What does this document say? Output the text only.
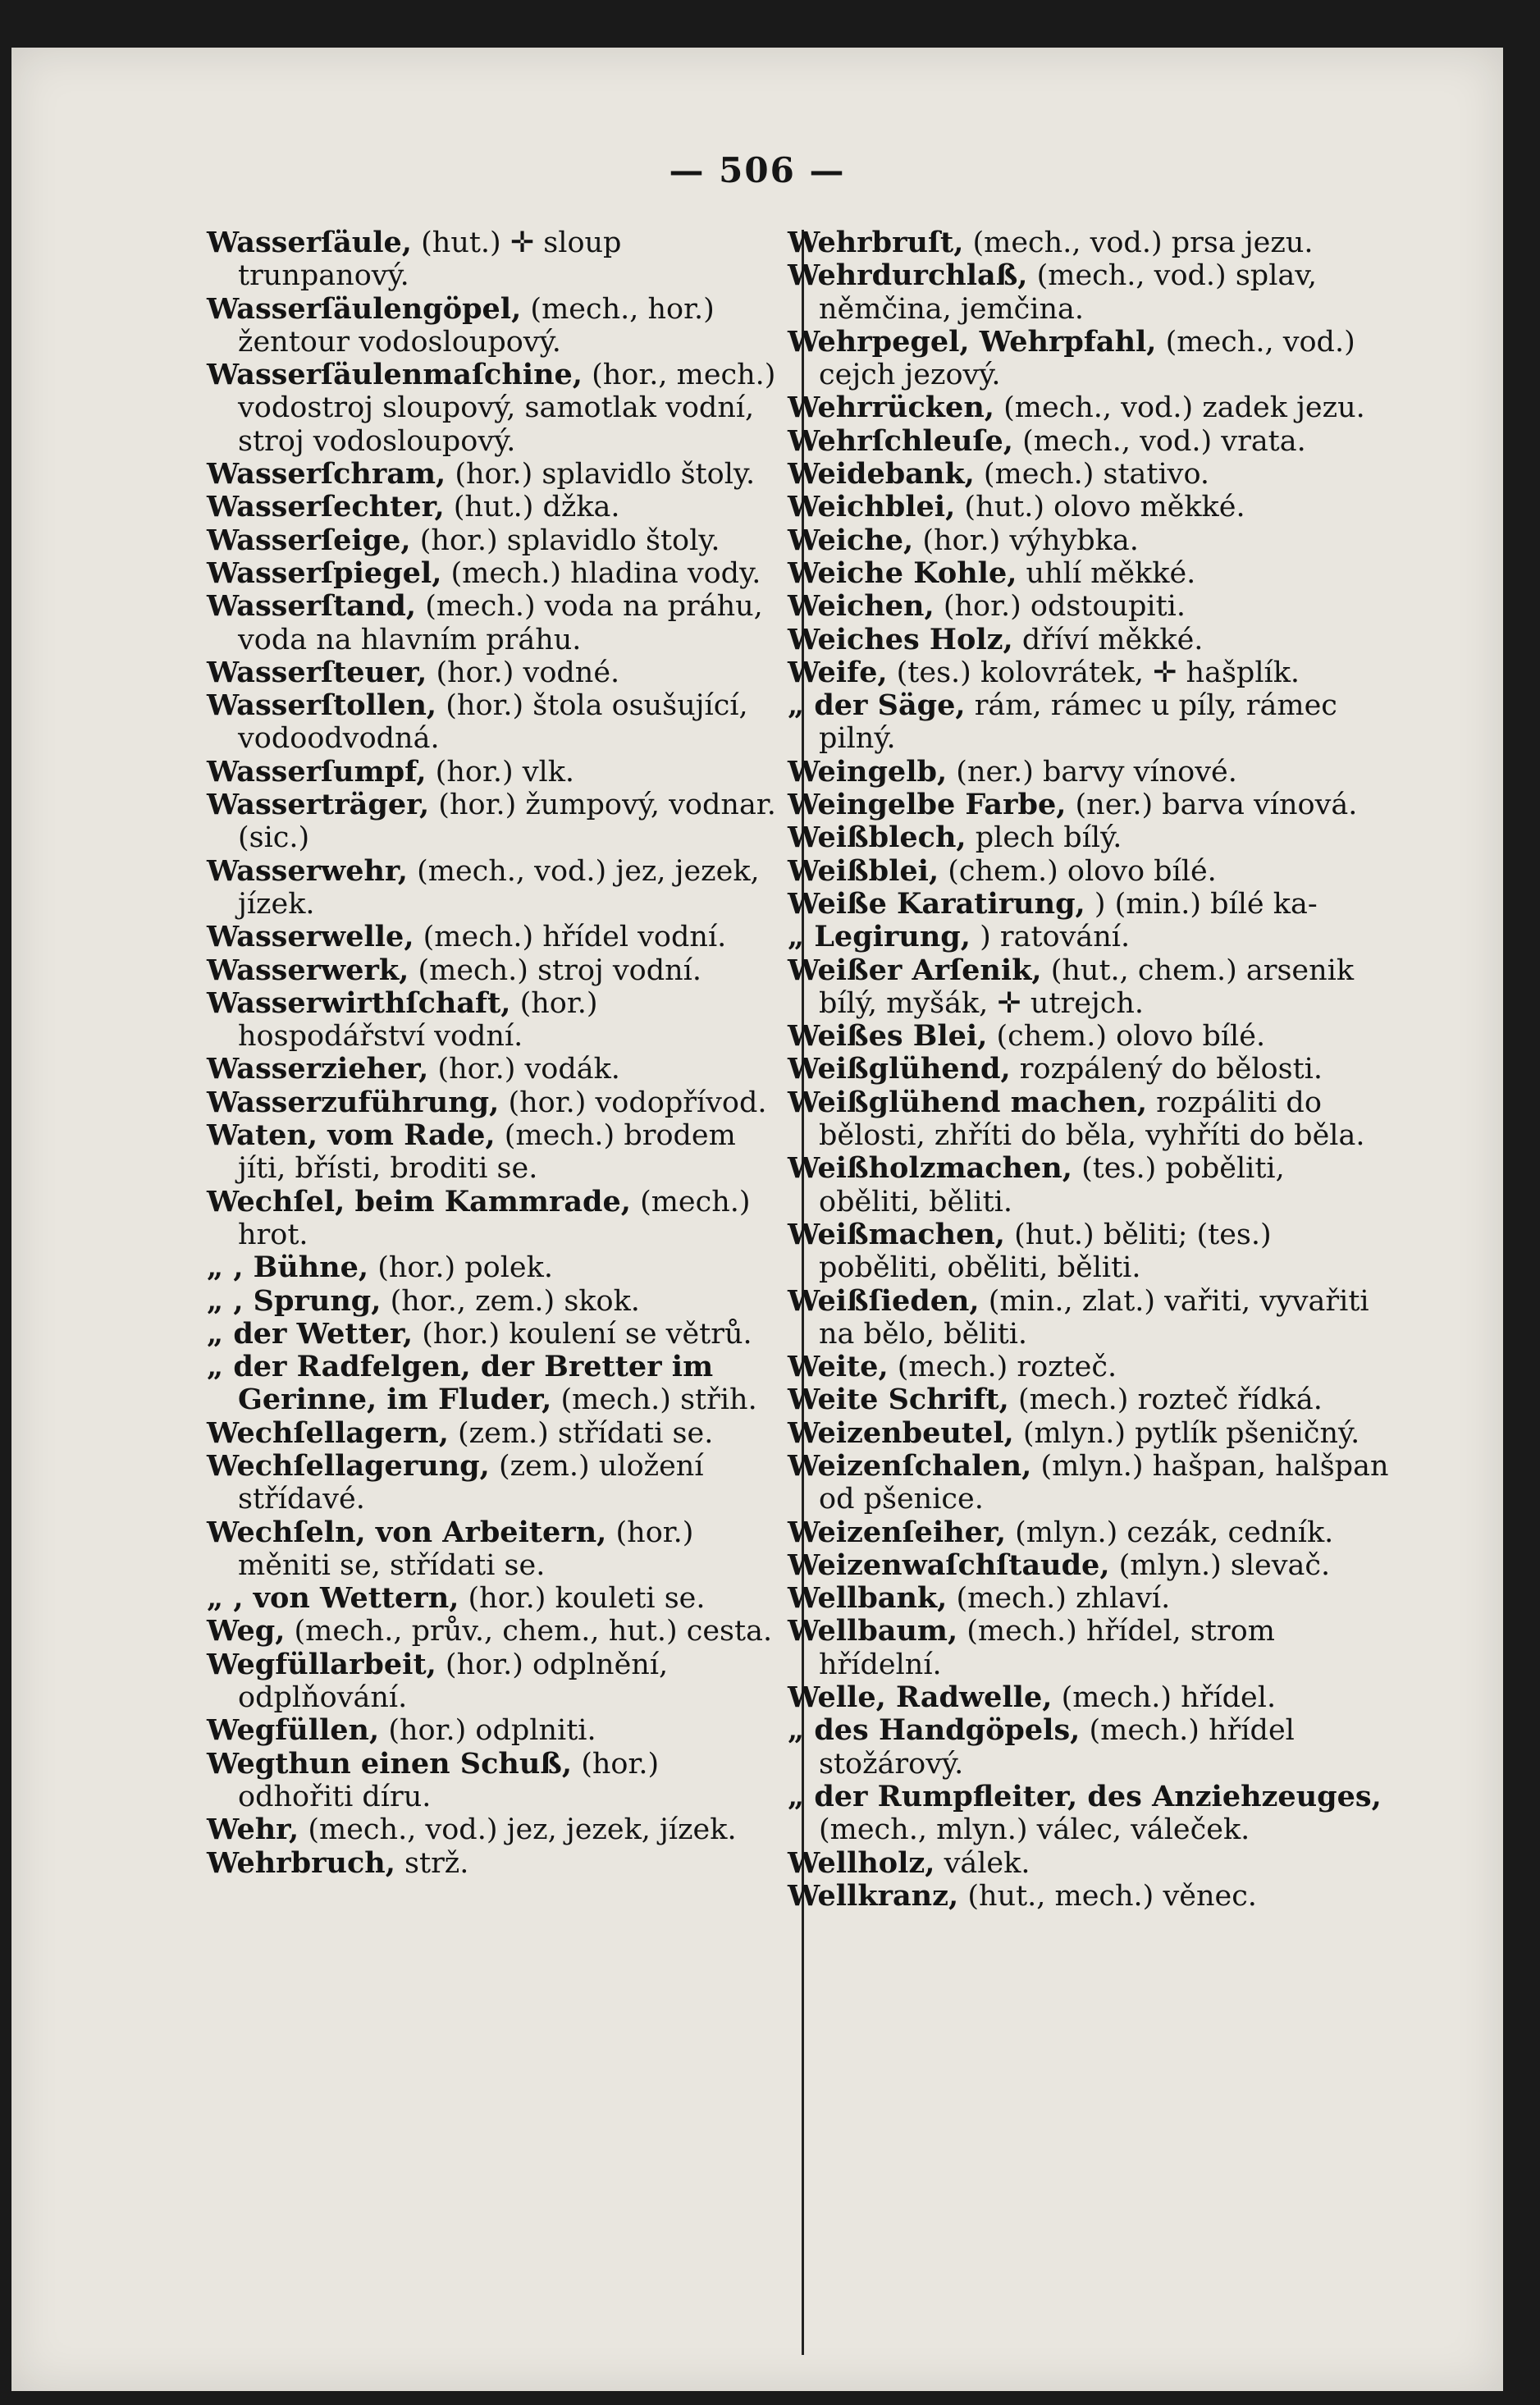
— 506 —

Wasserſäule, (hut.) ✛ sloup trunpanový.

Wasserſäulengöpel, (mech., hor.) žentour vodosloupový.

Wasserſäulenmaſchine, (hor., mech.) vodostroj sloupový, samotlak vodní, stroj vodosloupový.

Wasserſchram, (hor.) splavidlo štoly.

Wasserſechter, (hut.) džka.

Wasserſeige, (hor.) splavidlo štoly.

Wasserſpiegel, (mech.) hladina vody.

Wasserſtand, (mech.) voda na práhu, voda na hlavním práhu.

Wasserſteuer, (hor.) vodné.

Wasserſtollen, (hor.) štola osušující, vodoodvodná.

Wasserſumpf, (hor.) vlk.

Wasserträger, (hor.) žumpový, vodnar. (sic.)

Wasserwehr, (mech., vod.) jez, jezek, jízek.

Wasserwelle, (mech.) hřídel vodní.

Wasserwerk, (mech.) stroj vodní.

Wasserwirthſchaft, (hor.) hospodářství vodní.

Wasserzieher, (hor.) vodák.

Wasserzuführung, (hor.) vodopřívod.

Waten, vom Rade, (mech.) brodem jíti, břísti, broditi se.

Wechſel, beim Kammrade, (mech.) hrot.

„ , Bühne, (hor.) polek.

„ , Sprung, (hor., zem.) skok.

„ der Wetter, (hor.) koulení se větrů.

„ der Radfelgen, der Bretter im Gerinne, im Fluder, (mech.) střih.

Wechſellagern, (zem.) střídati se.

Wechſellagerung, (zem.) uložení střídavé.

Wechſeln, von Arbeitern, (hor.) měniti se, střídati se.

„ , von Wettern, (hor.) kouleti se.

Weg, (mech., prův., chem., hut.) cesta.

Wegfüllarbeit, (hor.) odplnění, odplňování.

Wegfüllen, (hor.) odplniti.

Wegthun einen Schuß, (hor.) odhořiti díru.

Wehr, (mech., vod.) jez, jezek, jízek.

Wehrbruch, strž.

Wehrbruſt, (mech., vod.) prsa jezu.

Wehrdurchlaß, (mech., vod.) splav, němčina, jemčina.

Wehrpegel, Wehrpfahl, (mech., vod.) cejch jezový.

Wehrrücken, (mech., vod.) zadek jezu.

Wehrſchleuſe, (mech., vod.) vrata.

Weidebank, (mech.) stativo.

Weichblei, (hut.) olovo měkké.

Weiche, (hor.) výhybka.

Weiche Kohle, uhlí měkké.

Weichen, (hor.) odstoupiti.

Weiches Holz, dříví měkké.

Weife, (tes.) kolovrátek, ✛ hašplík.

„ der Säge, rám, rámec u píly, rámec pilný.

Weingelb, (ner.) barvy vínové.

Weingelbe Farbe, (ner.) barva vínová.

Weißblech, plech bílý.

Weißblei, (chem.) olovo bílé.

Weiße Karatirung, ) (min.) bílé ka-

„ Legirung, ) ratování.

Weißer Arſenik, (hut., chem.) arsenik bílý, myšák, ✛ utrejch.

Weißes Blei, (chem.) olovo bílé.

Weißglühend, rozpálený do bělosti.

Weißglühend machen, rozpáliti do bělosti, zhříti do běla, vyhříti do běla.

Weißholzmachen, (tes.) poběliti, oběliti, běliti.

Weißmachen, (hut.) běliti; (tes.) poběliti, oběliti, běliti.

Weißſieden, (min., zlat.) vařiti, vyvařiti na bělo, běliti.

Weite, (mech.) rozteč.

Weite Schrift, (mech.) rozteč řídká.

Weizenbeutel, (mlyn.) pytlík pšeničný.

Weizenſchalen, (mlyn.) hašpan, halšpan od pšenice.

Weizenſeiher, (mlyn.) cezák, cedník.

Weizenwaſchſtaude, (mlyn.) slevač.

Wellbank, (mech.) zhlaví.

Wellbaum, (mech.) hřídel, strom hřídelní.

Welle, Radwelle, (mech.) hřídel.

„ des Handgöpels, (mech.) hřídel stožárový.

„ der Rumpfleiter, des Anziehzeuges, (mech., mlyn.) válec, váleček.

Wellholz, válek.

Wellkranz, (hut., mech.) věnec.
